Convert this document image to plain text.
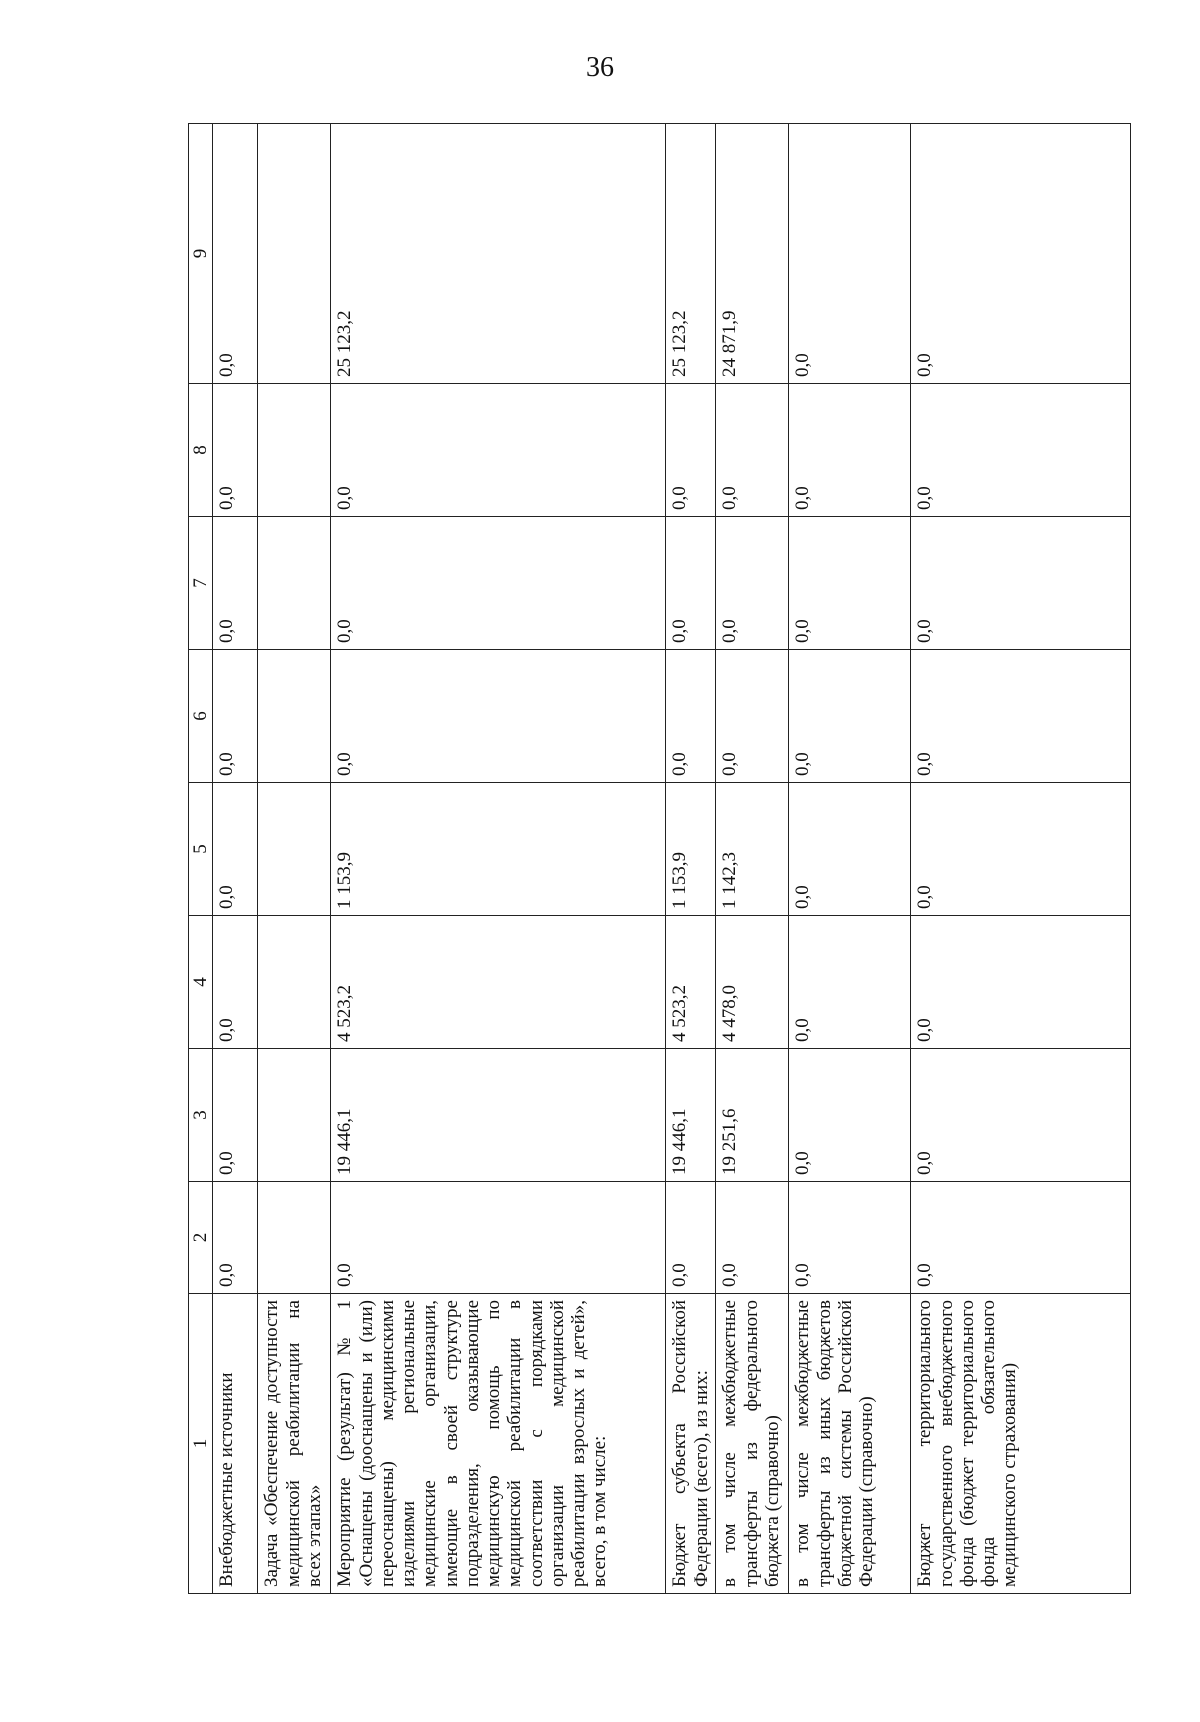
36
1	2	3	4	5	6	7	8	9
Внебюджетные источники	0,0	0,0	0,0	0,0	0,0	0,0	0,0	0,0
Задача «Обеспечение доступности медицинской реабилитации на всех этапах»								
Мероприятие (результат) № 1 «Оснащены (дооснащены и (или) переоснащены) медицинскими изделиями региональные медицинские организации, имеющие в своей структуре подразделения, оказывающие медицинскую помощь по медицинской реабилитации в соответствии с порядками организации медицинской реабилитации взрослых и детей», всего, в том числе:	0,0	19 446,1	4 523,2	1 153,9	0,0	0,0	0,0	25 123,2
Бюджет субъекта Российской Федерации (всего), из них:	0,0	19 446,1	4 523,2	1 153,9	0,0	0,0	0,0	25 123,2
в том числе межбюджетные трансферты из федерального бюджета (справочно)	0,0	19 251,6	4 478,0	1 142,3	0,0	0,0	0,0	24 871,9
в том числе межбюджетные трансферты из иных бюджетов бюджетной системы Российской Федерации (справочно)	0,0	0,0	0,0	0,0	0,0	0,0	0,0	0,0
Бюджет территориального государственного внебюджетного фонда (бюджет территориального фонда обязательного медицинского страхования)	0,0	0,0	0,0	0,0	0,0	0,0	0,0	0,0
